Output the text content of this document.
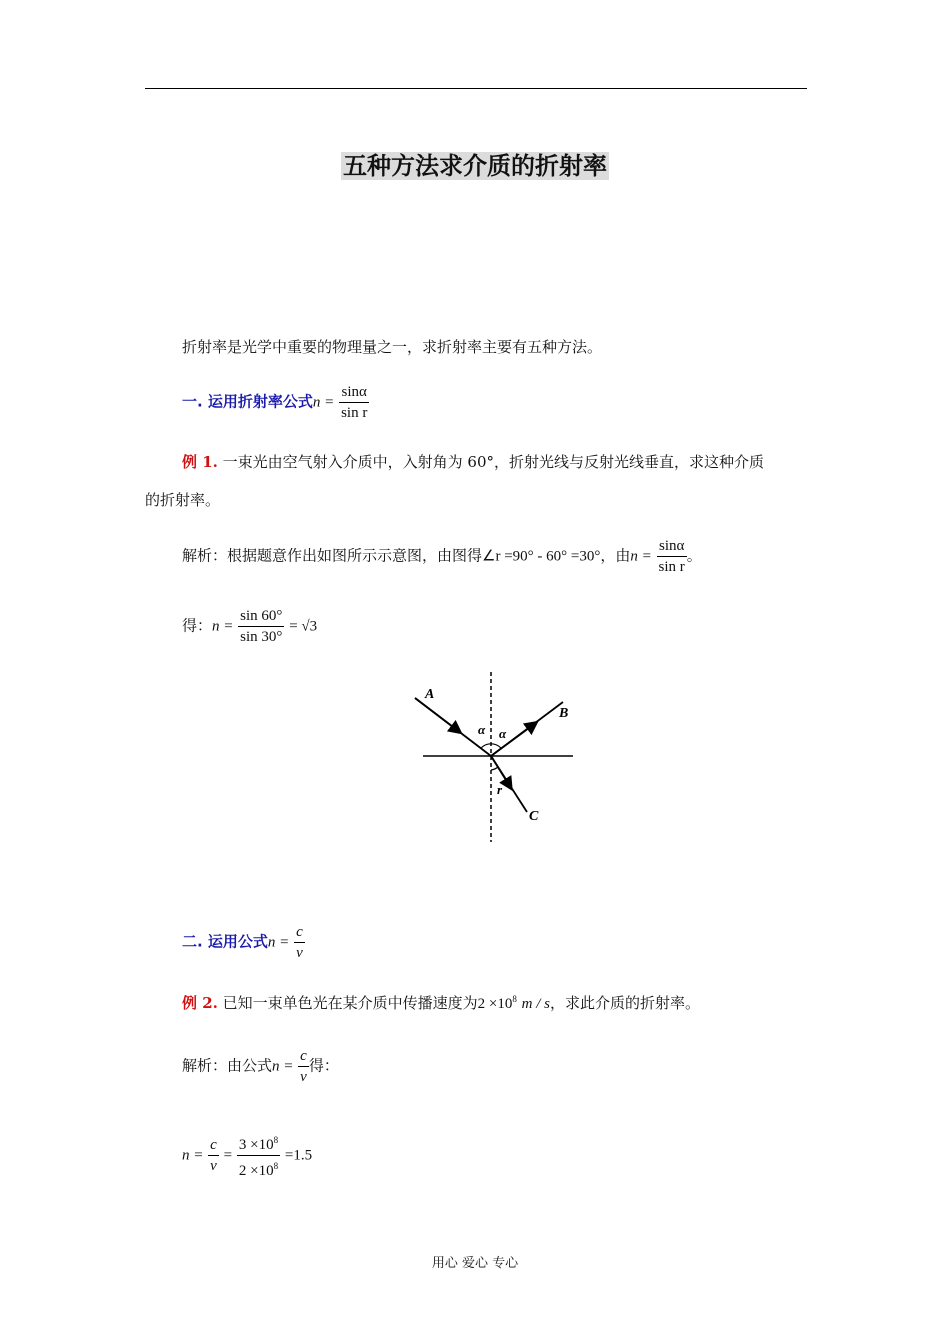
五种方法求介质的折射率
折射率是光学中重要的物理量之一，求折射率主要有五种方法。
一. 运用折射率公式$n = \frac{\sin\alpha}{\text{sin r}}$
例 1. 一束光由空气射入介质中，入射角为 60°，折射光线与反射光线垂直，求这种介质
的折射率。
解析：根据题意作出如图所示示意图，由图得∠r =90° - 60° =30°，由$n = \frac{\sin\alpha}{\text{sin r}}$ 。
得：$n = \frac{\sin 60^\circ}{\sin 30^\circ} = √3$
A
B
C
α α
r
二. 运用公式$n = \frac{c}{v}$
例 2. 已知一束单色光在某介质中传播速度为$2 \times 10^8$ m / s，求此介质的折射率。
解析：由公式$n = \frac{c}{v}$ 得：
$n = \frac{c}{v} = \frac{3 \times 10^8}{2 \times 10^8} =1.5$
用心 爱心 专心
